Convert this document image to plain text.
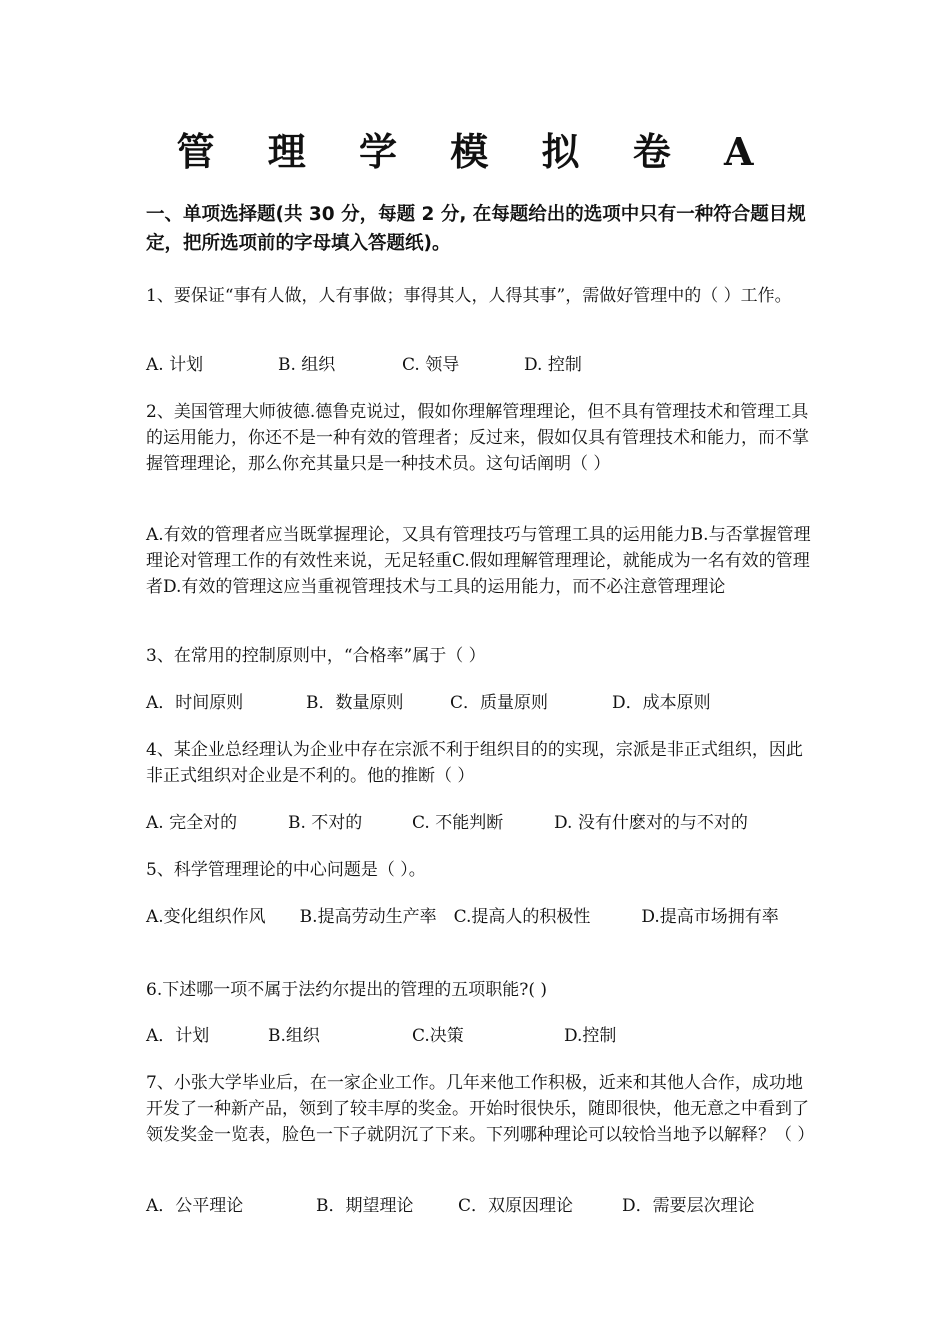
管 理 学 模 拟 卷 A
一、单项选择题(共 30 分，每题 2 分, 在每题给出的选项中只有一种符合题目规定，把所选项前的字母填入答题纸)。
1、要保证“事有人做，人有事做；事得其人，人得其事”，需做好管理中的（ ）工作。
A. 计划	B. 组织	C. 领导	D. 控制
2、美国管理大师彼德.德鲁克说过，假如你理解管理理论，但不具有管理技术和管理工具的运用能力，你还不是一种有效的管理者；反过来，假如仅具有管理技术和能力，而不掌握管理理论，那么你充其量只是一种技术员。这句话阐明（ ）
A.有效的管理者应当既掌握理论，又具有管理技巧与管理工具的运用能力B.与否掌握管理理论对管理工作的有效性来说，无足轻重C.假如理解管理理论，就能成为一名有效的管理者D.有效的管理这应当重视管理技术与工具的运用能力，而不必注意管理理论
3、在常用的控制原则中，“合格率”属于（ ）
A．时间原则	B．数量原则	C．质量原则	D．成本原则
4、某企业总经理认为企业中存在宗派不利于组织目的的实现，宗派是非正式组织，因此非正式组织对企业是不利的。他的推断（ ）
A. 完全对的	B. 不对的	C. 不能判断	D. 没有什麽对的与不对的
5、科学管理理论的中心问题是（ ）。
A.变化组织作风　　B.提高劳动生产率　C.提高人的积极性　　　D.提高市场拥有率
6.下述哪一项不属于法约尔提出的管理的五项职能?( )
A．计划	B.组织	C.决策	D.控制
7、小张大学毕业后，在一家企业工作。几年来他工作积极，近来和其他人合作，成功地开发了一种新产品，领到了较丰厚的奖金。开始时很快乐，随即很快，他无意之中看到了领发奖金一览表，脸色一下子就阴沉了下来。下列哪种理论可以较恰当地予以解释？（ ）
A．公平理论	B．期望理论	C．双原因理论	D．需要层次理论
